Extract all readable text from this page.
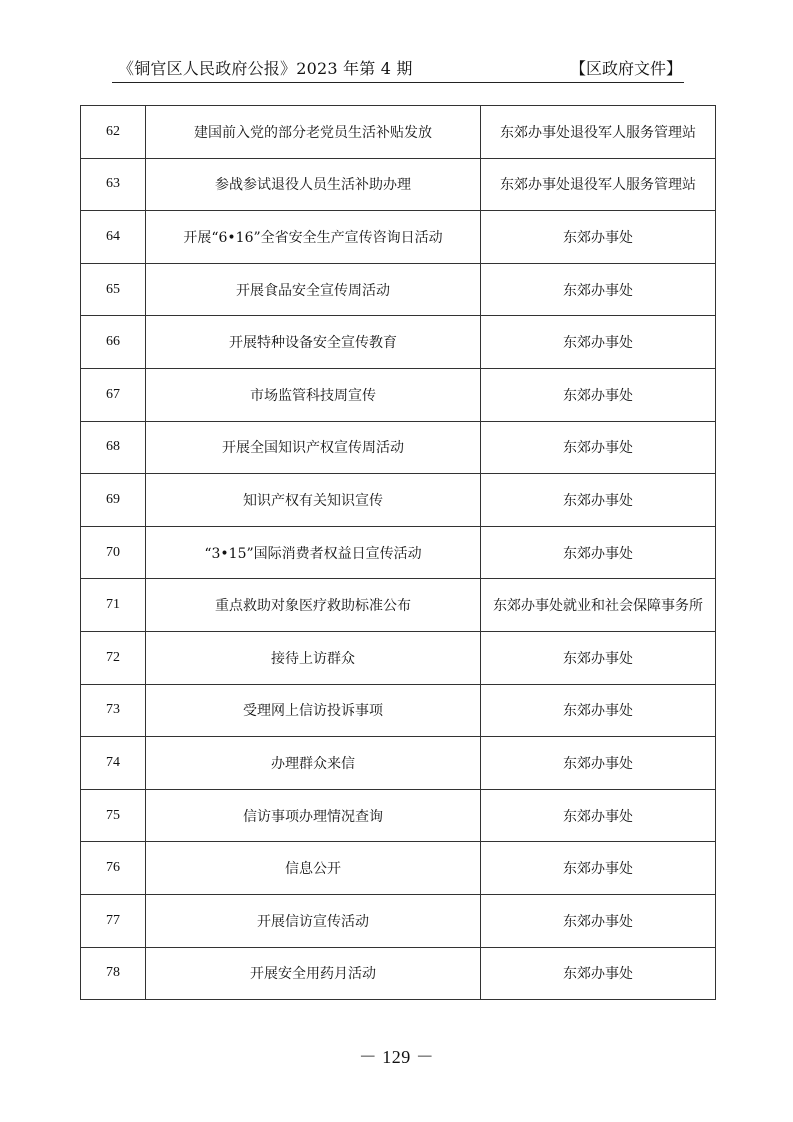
《铜官区人民政府公报》2023 年第 4 期	【区政府文件】
62	建国前入党的部分老党员生活补贴发放	东郊办事处退役军人服务管理站
63	参战参试退役人员生活补助办理	东郊办事处退役军人服务管理站
64	开展“6•16”全省安全生产宣传咨询日活动	东郊办事处
65	开展食品安全宣传周活动	东郊办事处
66	开展特种设备安全宣传教育	东郊办事处
67	市场监管科技周宣传	东郊办事处
68	开展全国知识产权宣传周活动	东郊办事处
69	知识产权有关知识宣传	东郊办事处
70	“3•15”国际消费者权益日宣传活动	东郊办事处
71	重点救助对象医疗救助标准公布	东郊办事处就业和社会保障事务所
72	接待上访群众	东郊办事处
73	受理网上信访投诉事项	东郊办事处
74	办理群众来信	东郊办事处
75	信访事项办理情况查询	东郊办事处
76	信息公开	东郊办事处
77	开展信访宣传活动	东郊办事处
78	开展安全用药月活动	东郊办事处
－ 129 －
